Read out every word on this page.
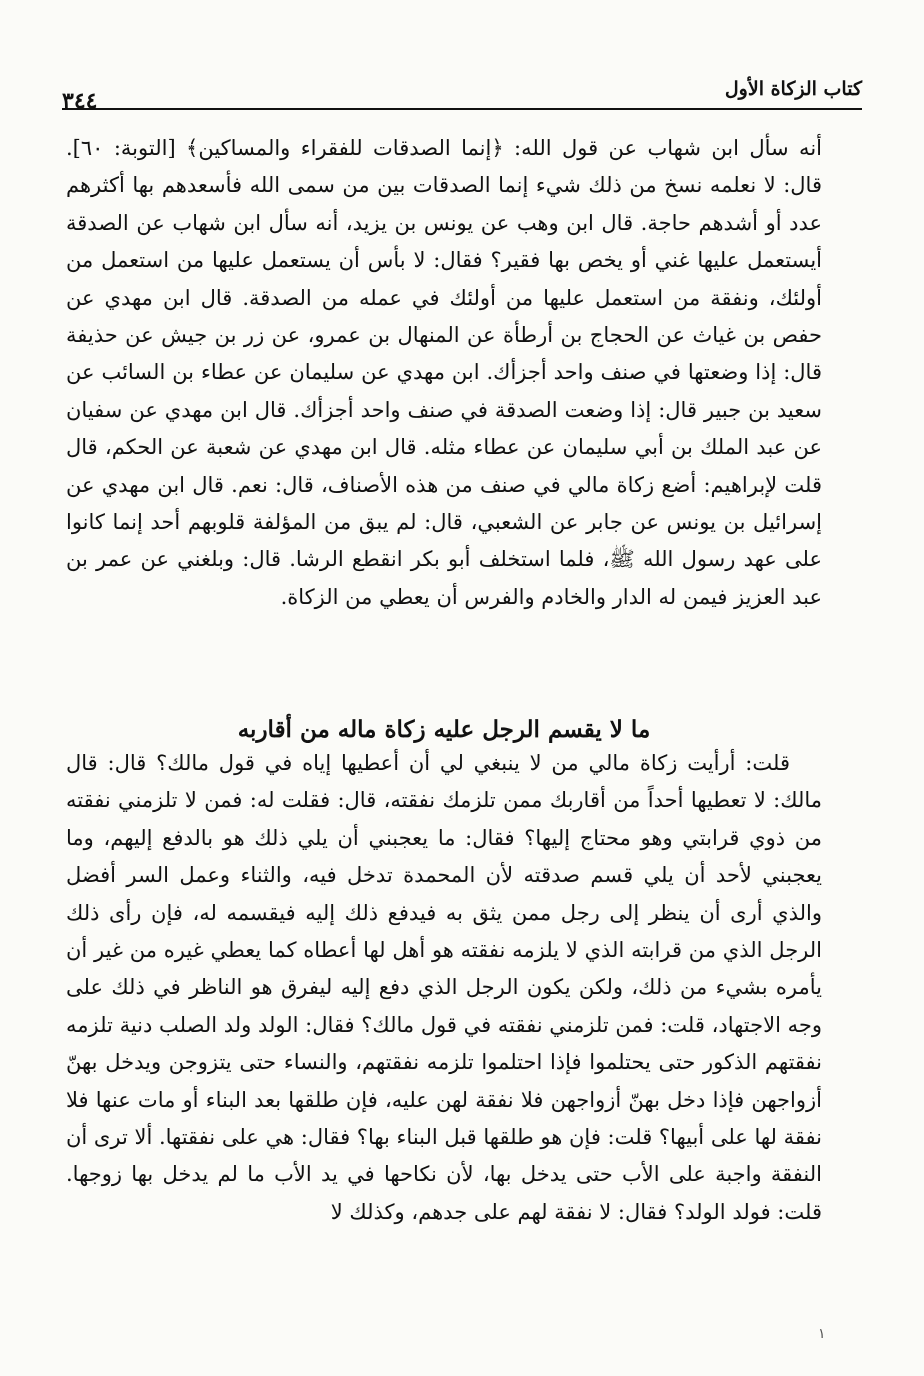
كتاب الزكاة الأول
٣٤٤

أنه سأل ابن شهاب عن قول الله: ﴿إنما الصدقات للفقراء والمساكين﴾ [التوبة: ٦٠]. قال: لا نعلمه نسخ من ذلك شيء إنما الصدقات بين من سمى الله فأسعدهم بها أكثرهم عدد أو أشدهم حاجة. قال ابن وهب عن يونس بن يزيد، أنه سأل ابن شهاب عن الصدقة أيستعمل عليها غني أو يخص بها فقير؟ فقال: لا بأس أن يستعمل عليها من استعمل من أولئك، ونفقة من استعمل عليها من أولئك في عمله من الصدقة. قال ابن مهدي عن حفص بن غياث عن الحجاج بن أرطأة عن المنهال بن عمرو، عن زر بن جيش عن حذيفة قال: إذا وضعتها في صنف واحد أجزأك. ابن مهدي عن سليمان عن عطاء بن السائب عن سعيد بن جبير قال: إذا وضعت الصدقة في صنف واحد أجزأك. قال ابن مهدي عن سفيان عن عبد الملك بن أبي سليمان عن عطاء مثله. قال ابن مهدي عن شعبة عن الحكم، قال قلت لإبراهيم: أضع زكاة مالي في صنف من هذه الأصناف، قال: نعم. قال ابن مهدي عن إسرائيل بن يونس عن جابر عن الشعبي، قال: لم يبق من المؤلفة قلوبهم أحد إنما كانوا على عهد رسول الله ﷺ، فلما استخلف أبو بكر انقطع الرشا. قال: وبلغني عن عمر بن عبد العزيز فيمن له الدار والخادم والفرس أن يعطي من الزكاة.

ما لا يقسم الرجل عليه زكاة ماله من أقاربه

قلت: أرأيت زكاة مالي من لا ينبغي لي أن أعطيها إياه في قول مالك؟ قال: قال مالك: لا تعطيها أحداً من أقاربك ممن تلزمك نفقته، قال: فقلت له: فمن لا تلزمني نفقته من ذوي قرابتي وهو محتاج إليها؟ فقال: ما يعجبني أن يلي ذلك هو بالدفع إليهم، وما يعجبني لأحد أن يلي قسم صدقته لأن المحمدة تدخل فيه، والثناء وعمل السر أفضل والذي أرى أن ينظر إلى رجل ممن يثق به فيدفع ذلك إليه فيقسمه له، فإن رأى ذلك الرجل الذي من قرابته الذي لا يلزمه نفقته هو أهل لها أعطاه كما يعطي غيره من غير أن يأمره بشيء من ذلك، ولكن يكون الرجل الذي دفع إليه ليفرق هو الناظر في ذلك على وجه الاجتهاد، قلت: فمن تلزمني نفقته في قول مالك؟ فقال: الولد ولد الصلب دنية تلزمه نفقتهم الذكور حتى يحتلموا فإذا احتلموا تلزمه نفقتهم، والنساء حتى يتزوجن ويدخل بهنّ أزواجهن فإذا دخل بهنّ أزواجهن فلا نفقة لهن عليه، فإن طلقها بعد البناء أو مات عنها فلا نفقة لها على أبيها؟ قلت: فإن هو طلقها قبل البناء بها؟ فقال: هي على نفقتها. ألا ترى أن النفقة واجبة على الأب حتى يدخل بها، لأن نكاحها في يد الأب ما لم يدخل بها زوجها. قلت: فولد الولد؟ فقال: لا نفقة لهم على جدهم، وكذلك لا

١
